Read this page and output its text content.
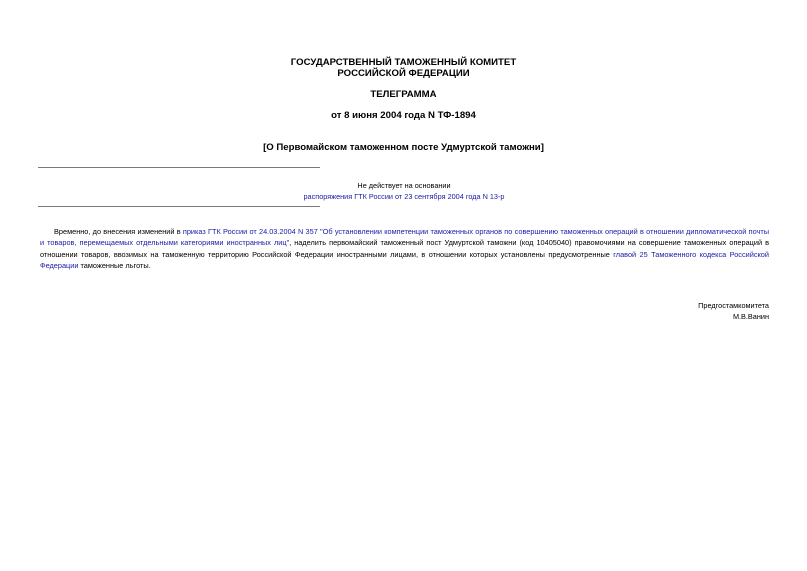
ГОСУДАРСТВЕННЫЙ ТАМОЖЕННЫЙ КОМИТЕТ
РОССИЙСКОЙ ФЕДЕРАЦИИ
ТЕЛЕГРАММА
от 8 июня 2004 года N ТФ-1894
[О Первомайском таможенном посте Удмуртской таможни]
Не действует на основании
распоряжения ГТК России от 23 сентября 2004 года N 13-р
Временно, до внесения изменений в приказ ГТК России от 24.03.2004 N 357 "Об установлении компетенции таможенных органов по совершению таможенных операций в отношении дипломатической почты и товаров, перемещаемых отдельными категориями иностранных лиц", наделить первомайский таможенный пост Удмуртской таможни (код 10405040) правомочиями на совершение таможенных операций в отношении товаров, ввозимых на таможенную территорию Российской Федерации иностранными лицами, в отношении которых установлены предусмотренные главой 25 Таможенного кодекса Российской Федерации таможенные льготы.
Предгостамкомитета
М.В.Ванин
